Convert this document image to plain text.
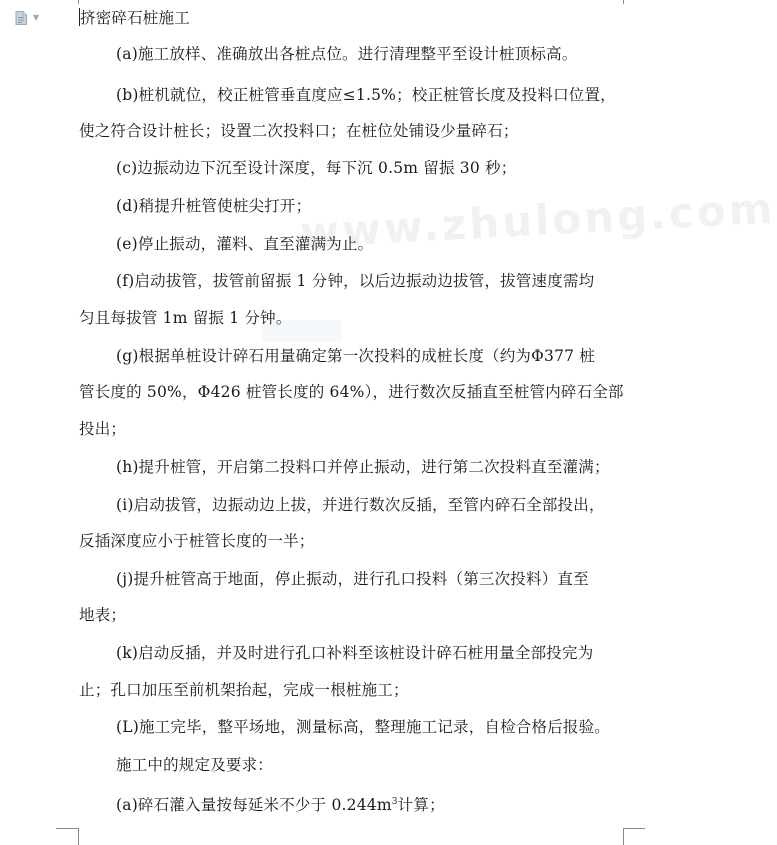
▼
www.zhulong.com
挤密碎石桩施工
(a)施工放样、准确放出各桩点位。进行清理整平至设计桩顶标高。
(b)桩机就位，校正桩管垂直度应≤1.5%；校正桩管长度及投料口位置，
使之符合设计桩长；设置二次投料口；在桩位处铺设少量碎石；
(c)边振动边下沉至设计深度，每下沉 0.5m 留振 30 秒；
(d)稍提升桩管使桩尖打开；
(e)停止振动，灌料、直至灌满为止。
(f)启动拔管，拔管前留振 1 分钟，以后边振动边拔管，拔管速度需均
匀且每拔管 1m 留振 1 分钟。
(g)根据单桩设计碎石用量确定第一次投料的成桩长度（约为Φ377 桩
管长度的 50%，Φ426 桩管长度的 64%），进行数次反插直至桩管内碎石全部
投出；
(h)提升桩管，开启第二投料口并停止振动，进行第二次投料直至灌满；
(i)启动拔管，边振动边上拔，并进行数次反插，至管内碎石全部投出，
反插深度应小于桩管长度的一半；
(j)提升桩管高于地面，停止振动，进行孔口投料（第三次投料）直至
地表；
(k)启动反插，并及时进行孔口补料至该桩设计碎石桩用量全部投完为
止；孔口加压至前机架抬起，完成一根桩施工；
(L)施工完毕，整平场地，测量标高，整理施工记录，自检合格后报验。
施工中的规定及要求：
(a)碎石灌入量按每延米不少于 $0.244m^3$计算；
